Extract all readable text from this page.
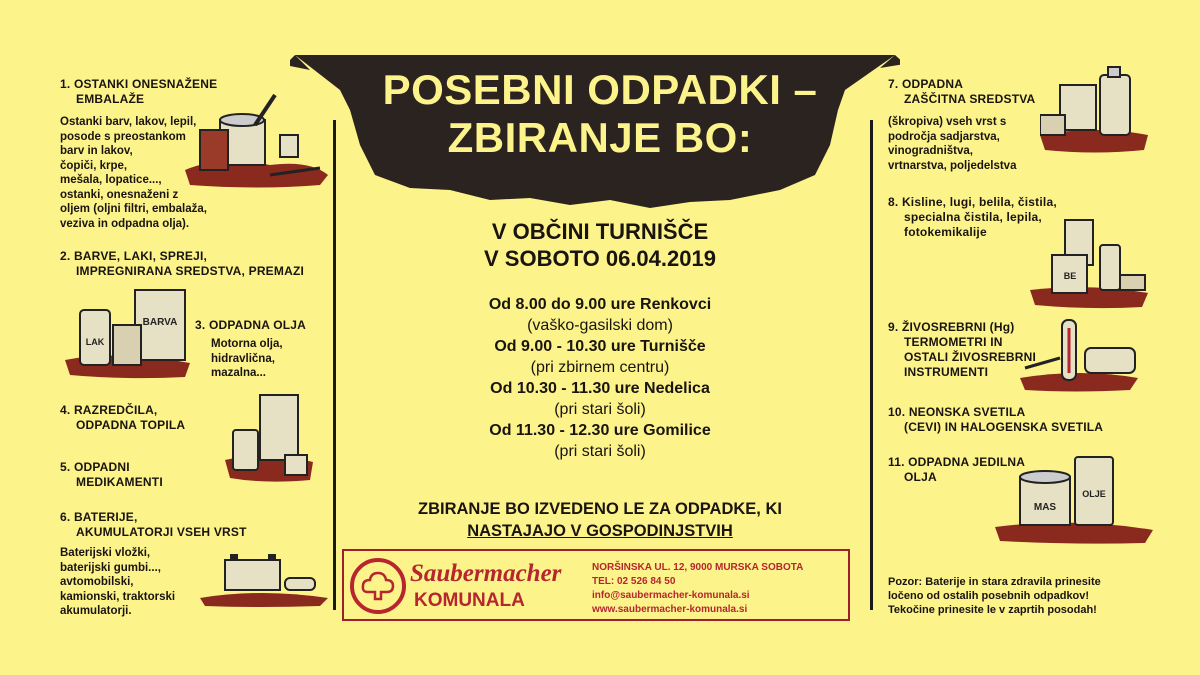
POSEBNI ODPADKI –
ZBIRANJE BO:
V OBČINI TURNIŠČE
V SOBOTO 06.04.2019
Od 8.00 do 9.00 ure Renkovci
(vaško-gasilski dom)
Od 9.00 - 10.30 ure Turnišče
(pri zbirnem centru)
Od 10.30 - 11.30 ure Nedelica
(pri stari šoli)
Od 11.30 - 12.30 ure Gomilice
(pri stari šoli)
ZBIRANJE BO IZVEDENO LE ZA ODPADKE, KI
NASTAJAJO V GOSPODINJSTVIH
Saubermacher
KOMUNALA
NORŠINSKA UL. 12, 9000 MURSKA SOBOTA
TEL: 02 526 84 50
info@saubermacher-komunala.si
www.saubermacher-komunala.si
1. OSTANKI ONESNAŽENE
EMBALAŽE
Ostanki barv, lakov, lepil,
posode s preostankom
barv in lakov,
čopiči, krpe,
mešala, lopatice...,
ostanki, onesnaženi z
oljem (oljni filtri, embalaža,
veziva in odpadna olja).
2. BARVE, LAKI, SPREJI,
IMPREGNIRANA SREDSTVA, PREMAZI
3. ODPADNA OLJA
Motorna olja,
hidravlična,
mazalna...
4. RAZREDČILA,
ODPADNA TOPILA
5. ODPADNI
MEDIKAMENTI
6. BATERIJE,
AKUMULATORJI VSEH VRST
Baterijski vložki,
baterijski gumbi...,
avtomobilski,
kamionski, traktorski
akumulatorji.
7. ODPADNA
ZAŠČITNA SREDSTVA
(škropiva) vseh vrst s
področja sadjarstva,
vinogradništva,
vrtnarstva, poljedelstva
8. Kisline, lugi, belila, čistila,
specialna čistila, lepila,
fotokemikalije
9. ŽIVOSREBRNI (Hg)
TERMOMETRI IN
OSTALI ŽIVOSREBRNI
INSTRUMENTI
10. NEONSKA SVETILA
(CEVI) IN HALOGENSKA SVETILA
11. ODPADNA JEDILNA
OLJA
Pozor: Baterije in stara zdravila prinesite
ločeno od ostalih posebnih odpadkov!
Tekočine prinesite le v zaprtih posodah!
BARVA
LAK
BE
OLJE
MAS
